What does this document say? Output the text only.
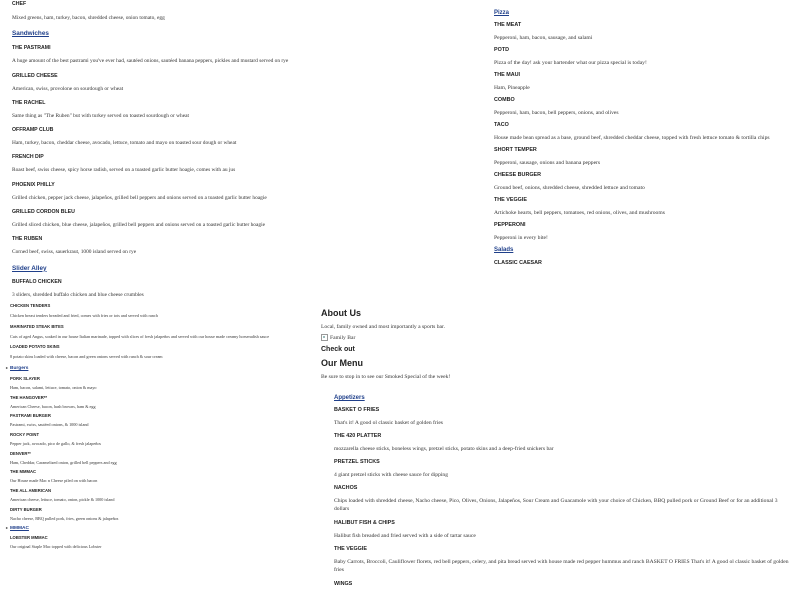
CHEF
Mixed greens, ham, turkey, bacon, shredded cheese, onion tomato, egg
Sandwiches
THE PASTRAMI
A huge amount of the best pastrami you've ever had, sautéed onions, sautéed banana peppers, pickles and mustard served on rye
GRILLED CHEESE
American, swiss, provolone on sourdough or wheat
THE RACHEL
Same thing as "The Ruben" but with turkey served on toasted sourdough or wheat
OFFRAMP CLUB
Ham, turkey, bacon, cheddar cheese, avocado, lettuce, tomato and mayo on toasted sour dough or wheat
FRENCH DIP
Roast beef, swiss cheese, spicy horse radish, served on a toasted garlic butter hoagie, comes with au jus
PHOENIX PHILLY
Grilled chicken, pepper jack cheese, jalapeños, grilled bell peppers and onions served on a toasted garlic butter hoagie
GRILLED CORDON BLEU
Grilled sliced chicken, blue cheese, jalapeños, grilled bell peppers and onions served on a toasted garlic butter hoagie
THE RUBEN
Corned beef, swiss, sauerkraut, 1000 island served on rye
Slider Alley
BUFFALO CHICKEN
3 sliders, shredded buffalo chicken and blue cheese crumbles
CHICKEN TENDERS
Chicken breast tenders breaded and fried, comes with fries or tots and served with ranch
MARINATED STEAK BITES
Cuts of aged Angus, soaked in our house Italian marinade, topped with slices of fresh jalapeños and served with our house made creamy horseradish sauce
LOADED POTATO SKINS
8 potato skins loaded with cheese, bacon and green onions served with ranch & sour cream
▸ Burgers
PORK SLAYER
Ham, bacon, salami, lettuce, tomato, onion & mayo
THE HANGOVER**
American Cheese, bacon, hash browns, ham & egg
PASTRAMI BURGER
Pastrami, swiss, sautéed onions, & 1000 island
ROCKY POINT
Pepper jack, avocado, pico de gallo, & fresh jalapeños
DENVER**
Ham, Cheddar, Caramelized onion, grilled bell peppers and egg
THE MMMAC
Our House made Mac n Cheese piled on with bacon
THE ALL AMERICAN
American cheese, lettuce, tomato, onion, pickle & 1000 island
DIRTY BURGER
Nacho cheese, BBQ pulled pork, fries, green onions & jalapeños
▸ MMMAC
LOBSTER MMMAC
Our original Staple Mac topped with delicious Lobster
Pizza
THE MEAT
Pepperoni, ham, bacon, sausage, and salami
POTD
Pizza of the day! ask your bartender what our pizza special is today!
THE MAUI
Ham, Pineapple
COMBO
Pepperoni, ham, bacon, bell peppers, onions, and olives
TACO
House made bean spread as a base, ground beef, shredded cheddar cheese, topped with fresh lettuce tomato & tortilla chips
SHORT TEMPER
Pepperoni, sausage, onions and banana peppers
CHEESE BURGER
Ground beef, onions, shredded cheese, shredded lettuce and tomato
THE VEGGIE
Artichoke hearts, bell peppers, tomatoes, red onions, olives, and mushrooms
PEPPERONI
Pepperoni in every bite!
Salads
CLASSIC CAESAR
About Us
Local, family owned and most importantly a sports bar.
Family Bar
Check out
Our Menu
Be sure to stop in to see our Smoked Special of the week!
Appetizers
BASKET O FRIES
That's it! A good ol classic basket of golden fries
THE 420 PLATTER
mozzarella cheese sticks, boneless wings, pretzel sticks, potato skins and a deep-fried snickers bar
PRETZEL STICKS
4 giant pretzel sticks with cheese sauce for dipping
NACHOS
Chips loaded with shredded cheese, Nacho cheese, Pico, Olives, Onions, Jalapeños, Sour Cream and Guacamole with your choice of Chicken, BBQ pulled pork or Ground Beef or for an additional 3 dollars
HALIBUT FISH & CHIPS
Halibut fish breaded and fried served with a side of tartar sauce
THE VEGGIE
Baby Carrots, Broccoli, Cauliflower florets, red bell peppers, celery, and pita bread served with house made red pepper hummus and ranch BASKET O FRIES That's it! A good ol classic basket of golden fries
WINGS
